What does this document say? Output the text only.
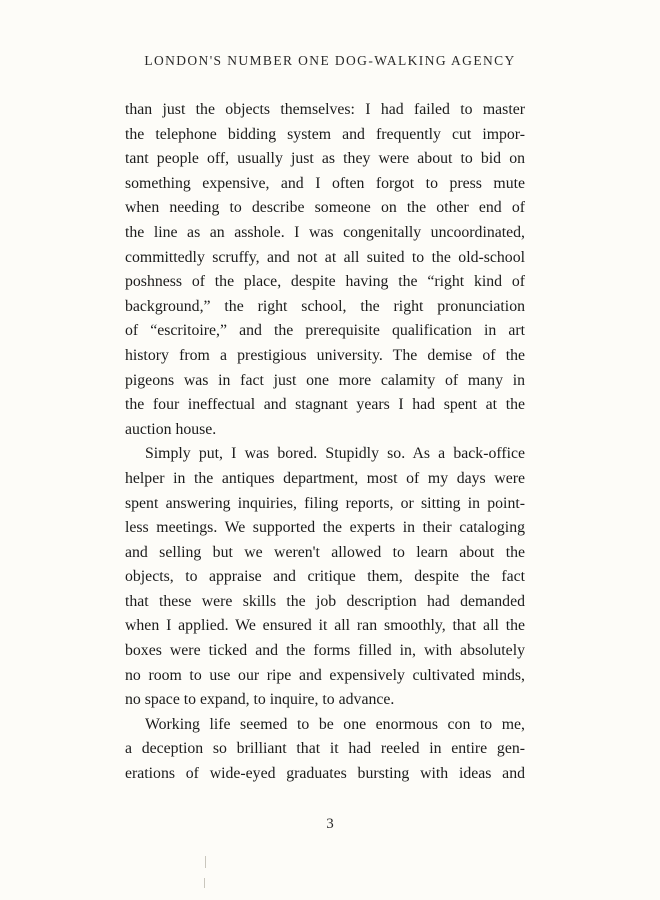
LONDON'S NUMBER ONE DOG-WALKING AGENCY
than just the objects themselves: I had failed to master
the telephone bidding system and frequently cut impor-
tant people off, usually just as they were about to bid on
something expensive, and I often forgot to press mute
when needing to describe someone on the other end of
the line as an asshole. I was congenitally uncoordinated,
committedly scruffy, and not at all suited to the old-school
poshness of the place, despite having the “right kind of
background,” the right school, the right pronunciation
of “escritoire,” and the prerequisite qualification in art
history from a prestigious university. The demise of the
pigeons was in fact just one more calamity of many in
the four ineffectual and stagnant years I had spent at the
auction house.
Simply put, I was bored. Stupidly so. As a back-office
helper in the antiques department, most of my days were
spent answering inquiries, filing reports, or sitting in point-
less meetings. We supported the experts in their cataloging
and selling but we weren't allowed to learn about the
objects, to appraise and critique them, despite the fact
that these were skills the job description had demanded
when I applied. We ensured it all ran smoothly, that all the
boxes were ticked and the forms filled in, with absolutely
no room to use our ripe and expensively cultivated minds,
no space to expand, to inquire, to advance.
Working life seemed to be one enormous con to me,
a deception so brilliant that it had reeled in entire gen-
erations of wide-eyed graduates bursting with ideas and
3
